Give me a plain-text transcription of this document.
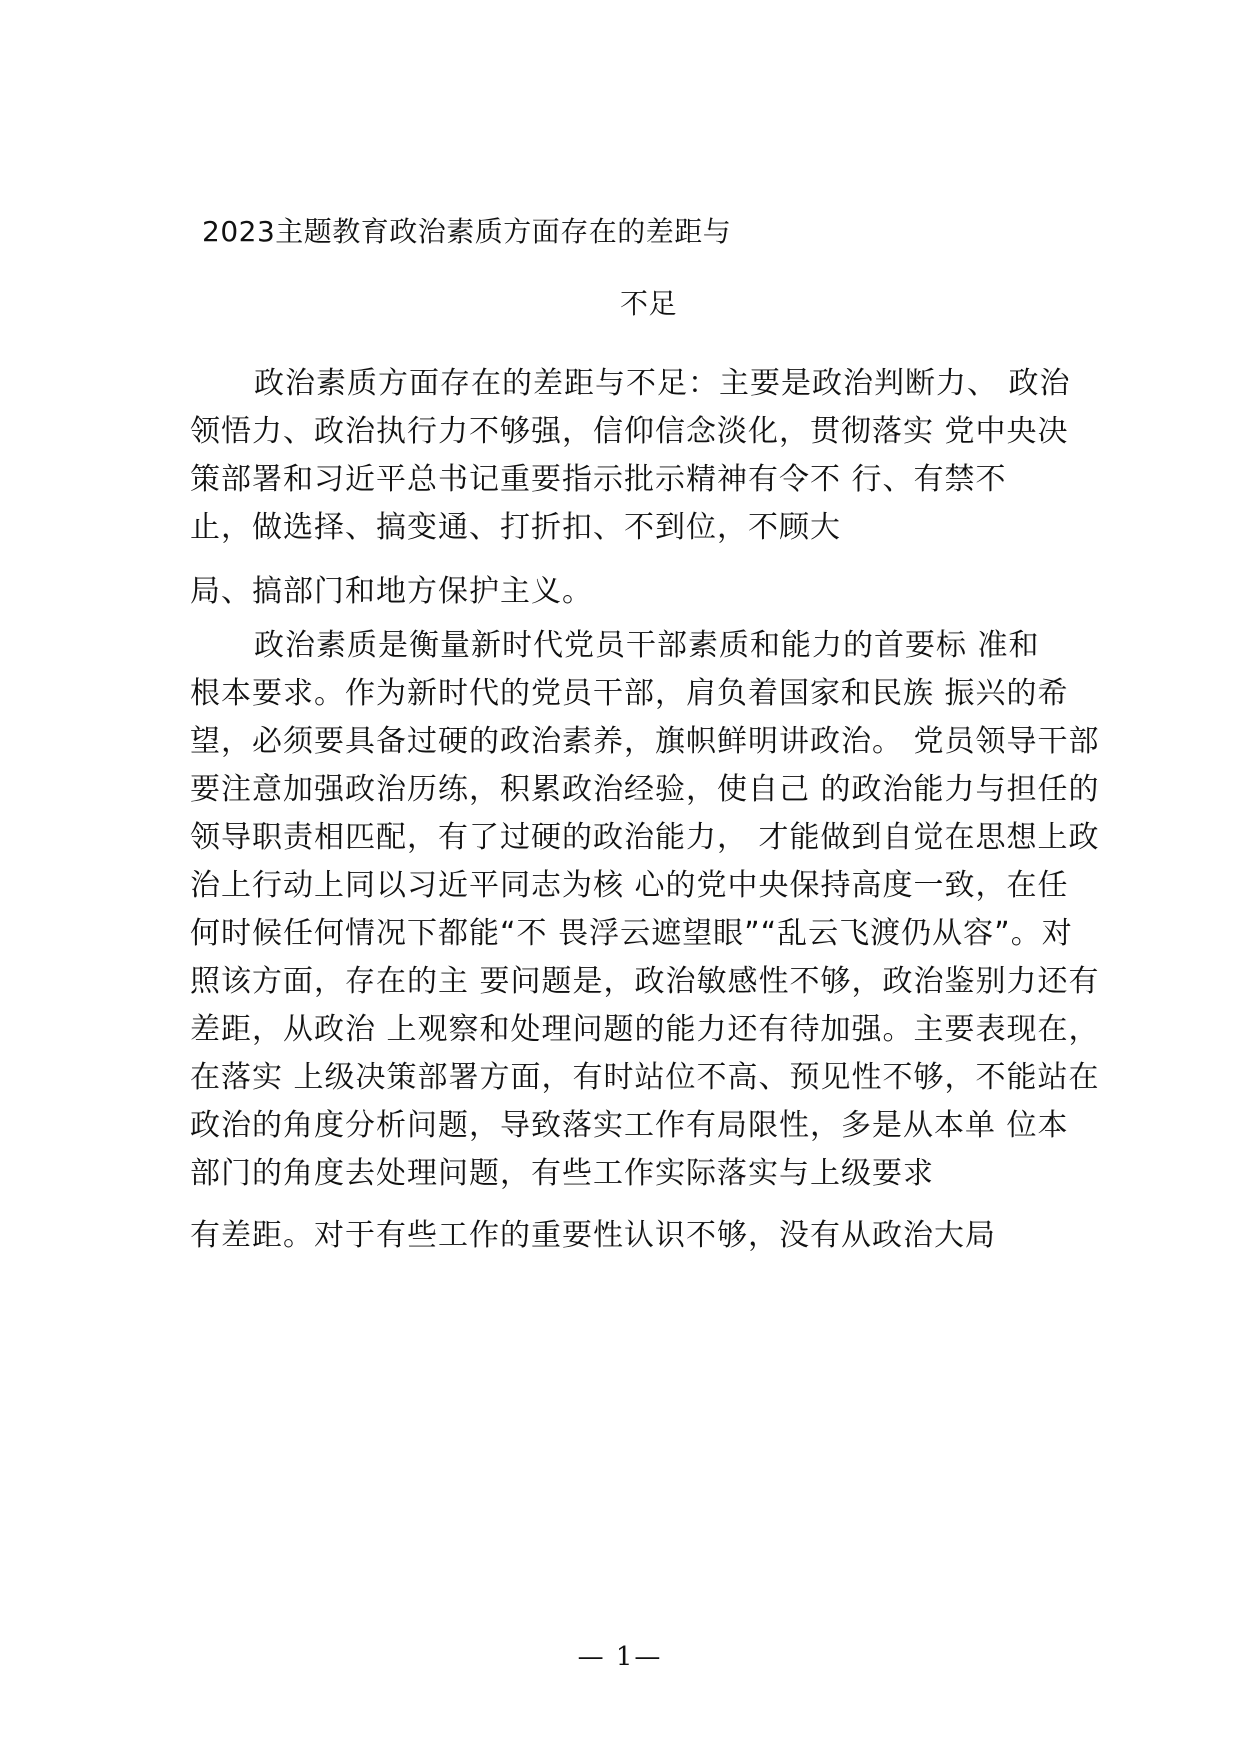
2023主题教育政治素质方面存在的差距与
不足
政治素质方面存在的差距与不足：主要是政治判断力、 政治
领悟力、政治执行力不够强，信仰信念淡化，贯彻落实 党中央决
策部署和习近平总书记重要指示批示精神有令不 行、有禁不
止，做选择、搞变通、打折扣、不到位，不顾大
局、搞部门和地方保护主义。
政治素质是衡量新时代党员干部素质和能力的首要标 准和
根本要求。作为新时代的党员干部，肩负着国家和民族 振兴的希
望，必须要具备过硬的政治素养，旗帜鲜明讲政治。 党员领导干部
要注意加强政治历练，积累政治经验，使自己 的政治能力与担任的
领导职责相匹配，有了过硬的政治能力， 才能做到自觉在思想上政
治上行动上同以习近平同志为核 心的党中央保持高度一致，在任
何时候任何情况下都能“不 畏浮云遮望眼”“乱云飞渡仍从容”。对
照该方面，存在的主 要问题是，政治敏感性不够，政治鉴别力还有
差距，从政治 上观察和处理问题的能力还有待加强。主要表现在，
在落实 上级决策部署方面，有时站位不高、预见性不够，不能站在
政治的角度分析问题，导致落实工作有局限性，多是从本单 位本
部门的角度去处理问题，有些工作实际落实与上级要求
有差距。对于有些工作的重要性认识不够，没有从政治大局
— 1—
